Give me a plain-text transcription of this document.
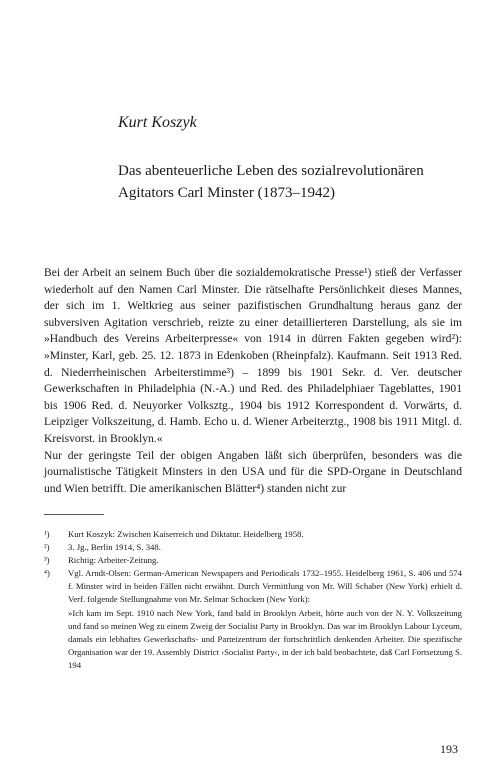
Kurt Koszyk
Das abenteuerliche Leben des sozialrevolutionären
Agitators Carl Minster (1873–1942)

Bei der Arbeit an seinem Buch über die sozialdemokratische Presse¹) stieß der Verfasser wiederholt auf den Namen Carl Minster. Die rätselhafte Persönlichkeit dieses Mannes, der sich im 1. Weltkrieg aus seiner pazifistischen Grundhaltung heraus ganz der subversiven Agitation verschrieb, reizte zu einer detaillierteren Darstellung, als sie im »Handbuch des Vereins Arbeiterpresse« von 1914 in dürren Fakten gegeben wird²): »Minster, Karl, geb. 25. 12. 1873 in Edenkoben (Rheinpfalz). Kaufmann. Seit 1913 Red. d. Niederrheinischen Arbeiterstimme³) – 1899 bis 1901 Sekr. d. Ver. deutscher Gewerkschaften in Philadelphia (N.-A.) und Red. des Philadelphiaer Tageblattes, 1901 bis 1906 Red. d. Neuyorker Volksztg., 1904 bis 1912 Korrespondent d. Vorwärts, d. Leipziger Volkszeitung, d. Hamb. Echo u. d. Wiener Arbeiterztg., 1908 bis 1911 Mitgl. d. Kreisvorst. in Brooklyn.«

Nur der geringste Teil der obigen Angaben läßt sich überprüfen, besonders was die journalistische Tätigkeit Minsters in den USA und für die SPD-Organe in Deutschland und Wien betrifft. Die amerikanischen Blätter⁴) standen nicht zur

¹)	Kurt Koszyk: Zwischen Kaiserreich und Diktatur. Heidelberg 1958.
²)	3. Jg., Berlin 1914, S. 348.
³)	Richtig: Arbeiter-Zeitung.
⁴)	Vgl. Arndt-Olsen: German-American Newspapers and Periodicals 1732–1955. Heidelberg 1961, S. 406 und 574 f. Minster wird in beiden Fällen nicht erwähnt. Durch Vermittlung von Mr. Will Schaber (New York) erhielt d. Verf. folgende Stellungnahme von Mr. Selmar Schocken (New York):
»Ich kam im Sept. 1910 nach New York, fand bald in Brooklyn Arbeit, hörte auch von der N. Y. Volkszeitung und fand so meinen Weg zu einem Zweig der Socialist Party in Brooklyn. Das war im Brooklyn Labour Lyceum, damals ein lebhaftes Gewerkschafts- und Parteizentrum der fortschrittlich denkenden Arbeiter. Die spezifische Organisation war der 19. Assembly District ›Socialist Party‹, in der ich bald beobachtete, daß Carl Fortsetzung S. 194
193
